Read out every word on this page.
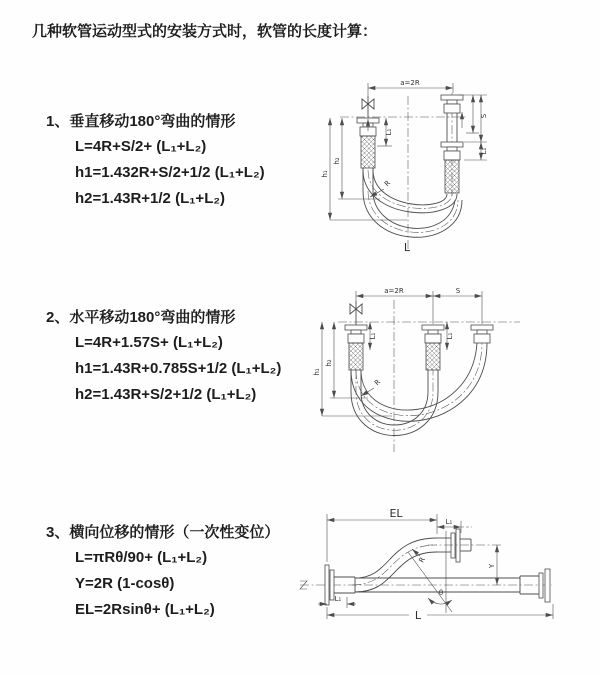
几种软管运动型式的安装方式时，软管的长度计算：
1、垂直移动180°弯曲的情形
L=4R+S/2+ (L₁+L₂)
h1=1.432R+S/2+1/2 (L₁+L₂)
h2=1.43R+1/2 (L₁+L₂)
2、水平移动180°弯曲的情形
L=4R+1.57S+ (L₁+L₂)
h1=1.43R+0.785S+1/2 (L₁+L₂)
h2=1.43R+S/2+1/2 (L₁+L₂)
3、横向位移的情形（一次性变位）
L=πRθ/90+ (L₁+L₂)
Y=2R (1-cosθ)
EL=2Rsinθ+ (L₁+L₂)
a=2R
h₁
h₂
L₁
S
L₁
R
L
a=2R	S
L₁	L₁
h₁
h₂
R
EL
L₁
Y
R
θ
L
L₁
